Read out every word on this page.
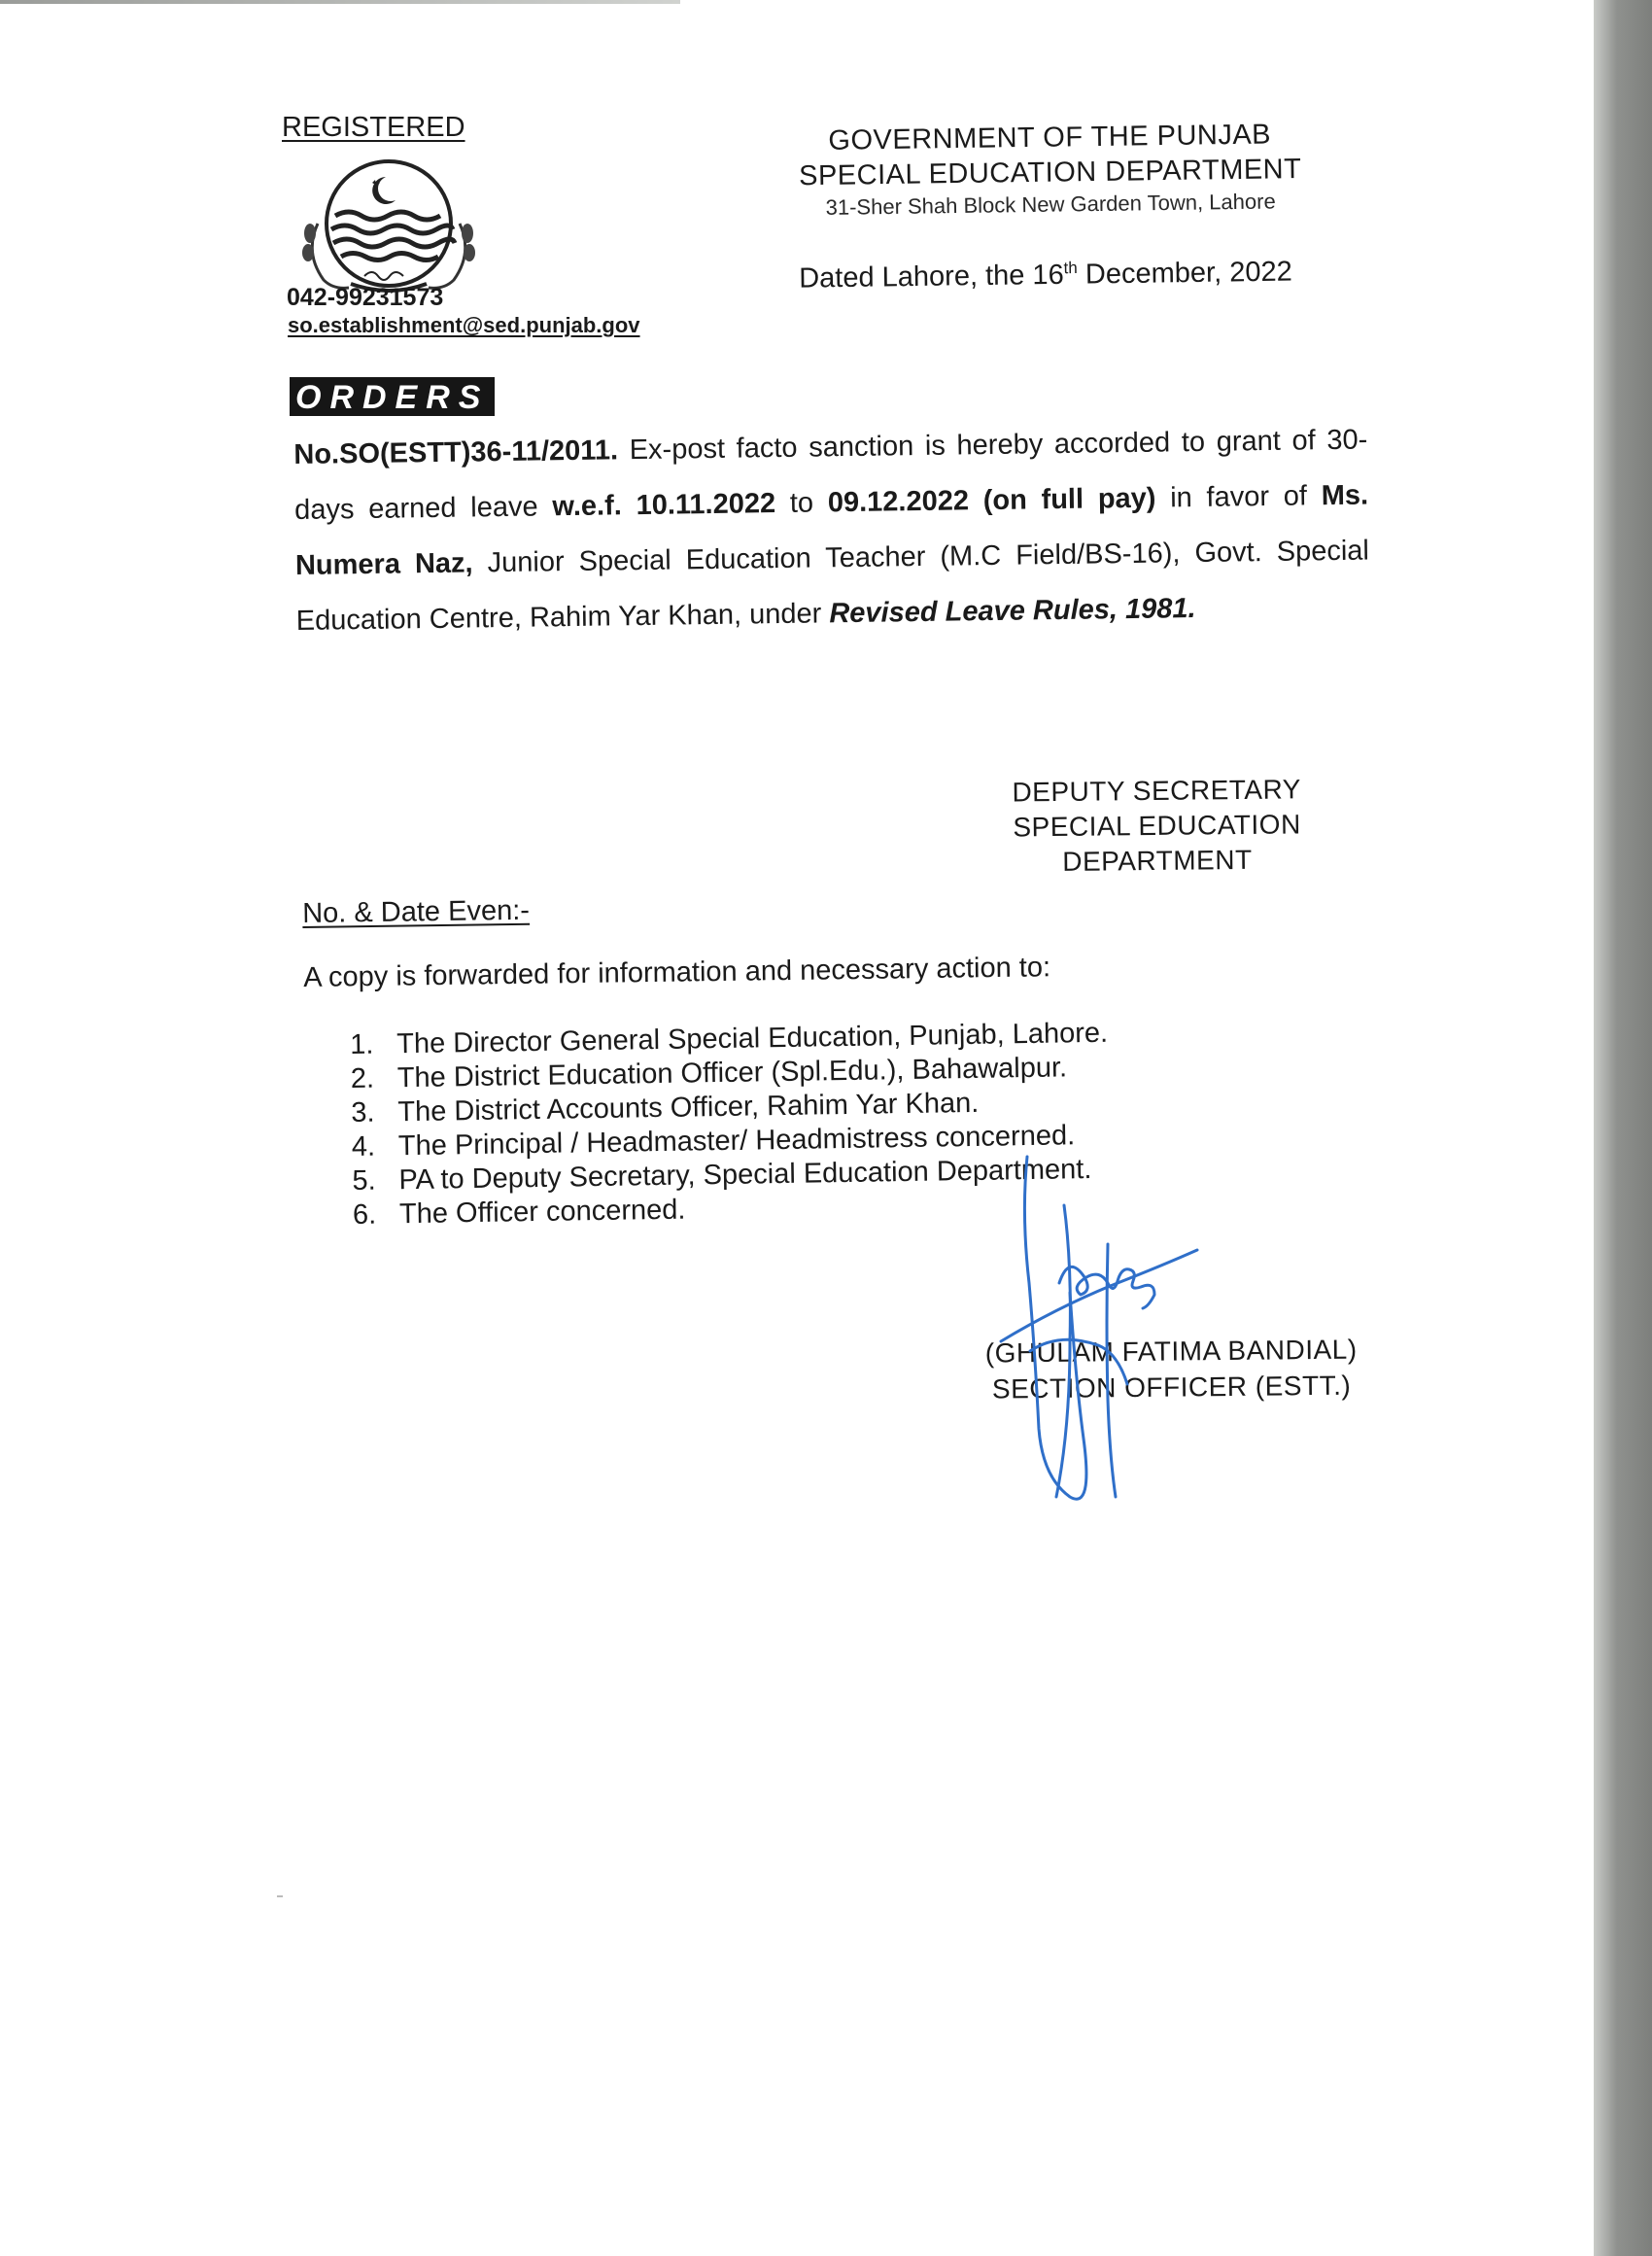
REGISTERED
042-99231573
so.establishment@sed.punjab.gov
GOVERNMENT OF THE PUNJAB
SPECIAL EDUCATION DEPARTMENT
31-Sher Shah Block New Garden Town, Lahore
Dated Lahore, the 16th December, 2022
ORDERS
No.SO(ESTT)36-11/2011. Ex-post facto sanction is hereby accorded to grant of 30-days earned leave w.e.f. 10.11.2022 to 09.12.2022 (on full pay) in favor of Ms. Numera Naz, Junior Special Education Teacher (M.C Field/BS-16), Govt. Special Education Centre, Rahim Yar Khan, under Revised Leave Rules, 1981.
DEPUTY SECRETARY
SPECIAL EDUCATION
DEPARTMENT
No. & Date Even:-
A copy is forwarded for information and necessary action to:
1. The Director General Special Education, Punjab, Lahore.
2. The District Education Officer (Spl.Edu.), Bahawalpur.
3. The District Accounts Officer, Rahim Yar Khan.
4. The Principal / Headmaster/ Headmistress concerned.
5. PA to Deputy Secretary, Special Education Department.
6. The Officer concerned.
(GHULAM FATIMA BANDIAL)
SECTION OFFICER (ESTT.)
